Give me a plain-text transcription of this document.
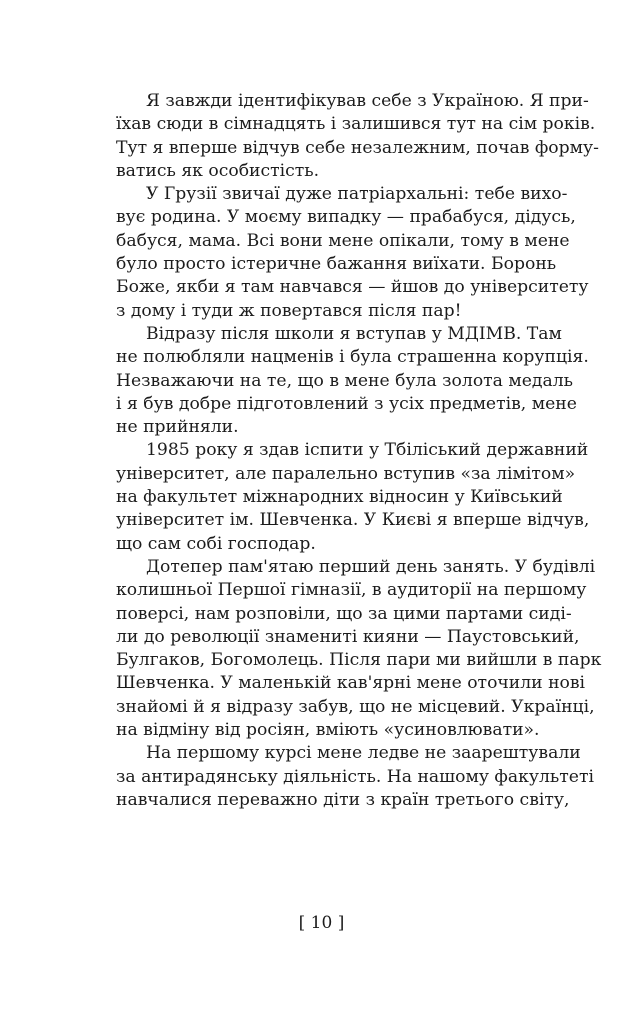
Я завжди ідентифікував себе з Україною. Я при-
їхав сюди в сімнадцять і залишився тут на сім років.
Тут я вперше відчув себе незалежним, почав форму-
ватись як особистість.
У Грузії звичаї дуже патріархальні: тебе вихо-
вує родина. У моєму випадку — прабабуся, дідусь,
бабуся, мама. Всі вони мене опікали, тому в мене
було просто істеричне бажання виїхати. Боронь
Боже, якби я там навчався — йшов до університету
з дому і туди ж повертався після пар!
Відразу після школи я вступав у МДІМВ. Там
не полюбляли нацменів і була страшенна корупція.
Незважаючи на те, що в мене була золота медаль
і я був добре підготовлений з усіх предметів, мене
не прийняли.
1985 року я здав іспити у Тбіліський державний
університет, але паралельно вступив «за лімітом»
на факультет міжнародних відносин у Київський
університет ім. Шевченка. У Києві я вперше відчув,
що сам собі господар.
Дотепер пам'ятаю перший день занять. У будівлі
колишньої Першої гімназії, в аудиторії на першому
поверсі, нам розповіли, що за цими партами сиді-
ли до революції знамениті кияни — Паустовський,
Булгаков, Богомолець. Після пари ми вийшли в парк
Шевченка. У маленькій кав'ярні мене оточили нові
знайомі й я відразу забув, що не місцевий. Українці,
на відміну від росіян, вміють «усиновлювати».
На першому курсі мене ледве не заарештували
за антирадянську діяльність. На нашому факультеті
навчалися переважно діти з країн третього світу,
[ 10 ]
